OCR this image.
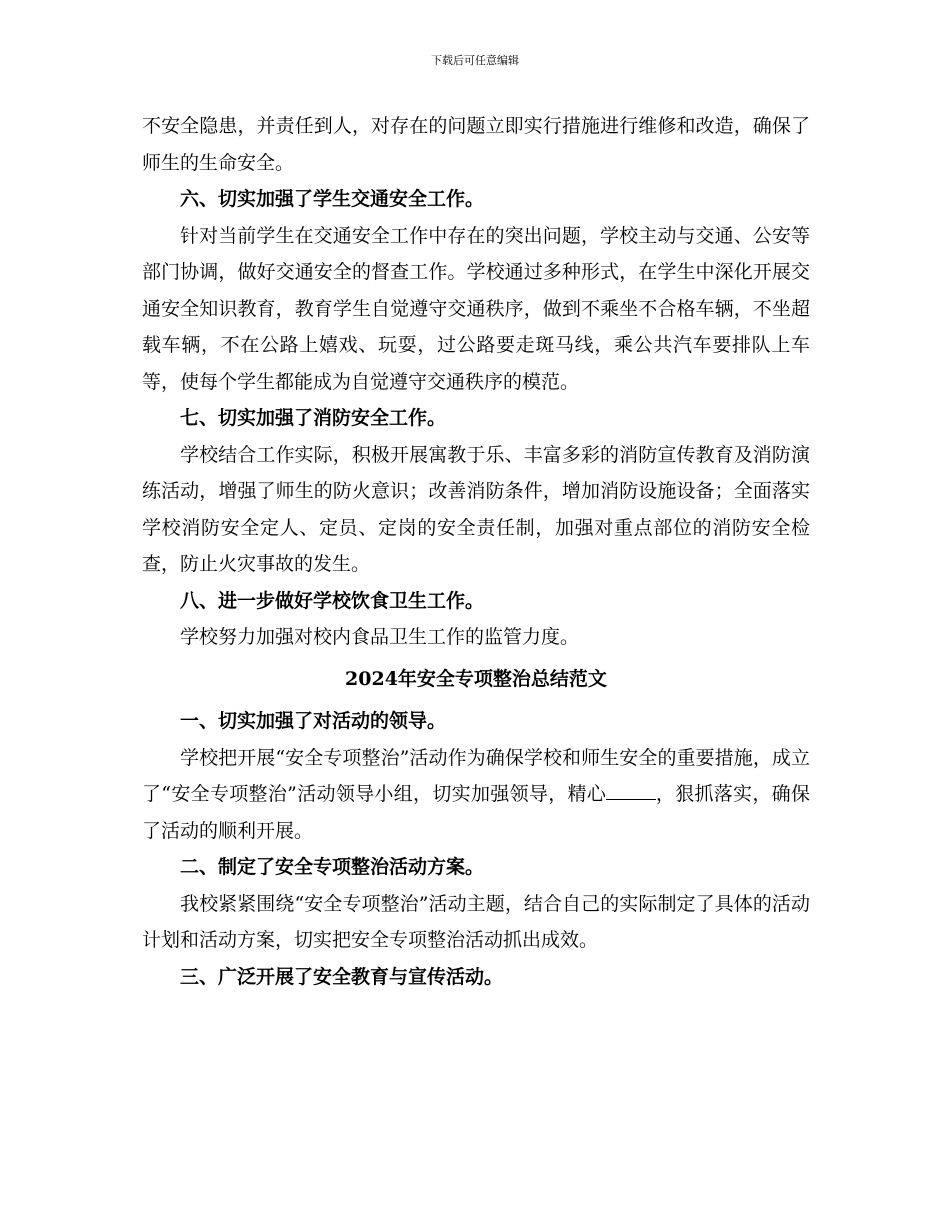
下载后可任意编辑

不安全隐患，并责任到人，对存在的问题立即实行措施进行维修和改造，确保了师生的生命安全。

六、切实加强了学生交通安全工作。

针对当前学生在交通安全工作中存在的突出问题，学校主动与交通、公安等部门协调，做好交通安全的督查工作。学校通过多种形式，在学生中深化开展交通安全知识教育，教育学生自觉遵守交通秩序，做到不乘坐不合格车辆，不坐超载车辆，不在公路上嬉戏、玩耍，过公路要走斑马线，乘公共汽车要排队上车等，使每个学生都能成为自觉遵守交通秩序的模范。

七、切实加强了消防安全工作。

学校结合工作实际，积极开展寓教于乐、丰富多彩的消防宣传教育及消防演练活动，增强了师生的防火意识；改善消防条件，增加消防设施设备；全面落实学校消防安全定人、定员、定岗的安全责任制，加强对重点部位的消防安全检查，防止火灾事故的发生。

八、进一步做好学校饮食卫生工作。

学校努力加强对校内食品卫生工作的监管力度。

2024年安全专项整治总结范文

一、切实加强了对活动的领导。

学校把开展“安全专项整治”活动作为确保学校和师生安全的重要措施，成立了“安全专项整治”活动领导小组，切实加强领导，精心	，狠抓落实，确保了活动的顺利开展。

二、制定了安全专项整治活动方案。

我校紧紧围绕“安全专项整治”活动主题，结合自己的实际制定了具体的活动计划和活动方案，切实把安全专项整治活动抓出成效。

三、广泛开展了安全教育与宣传活动。
